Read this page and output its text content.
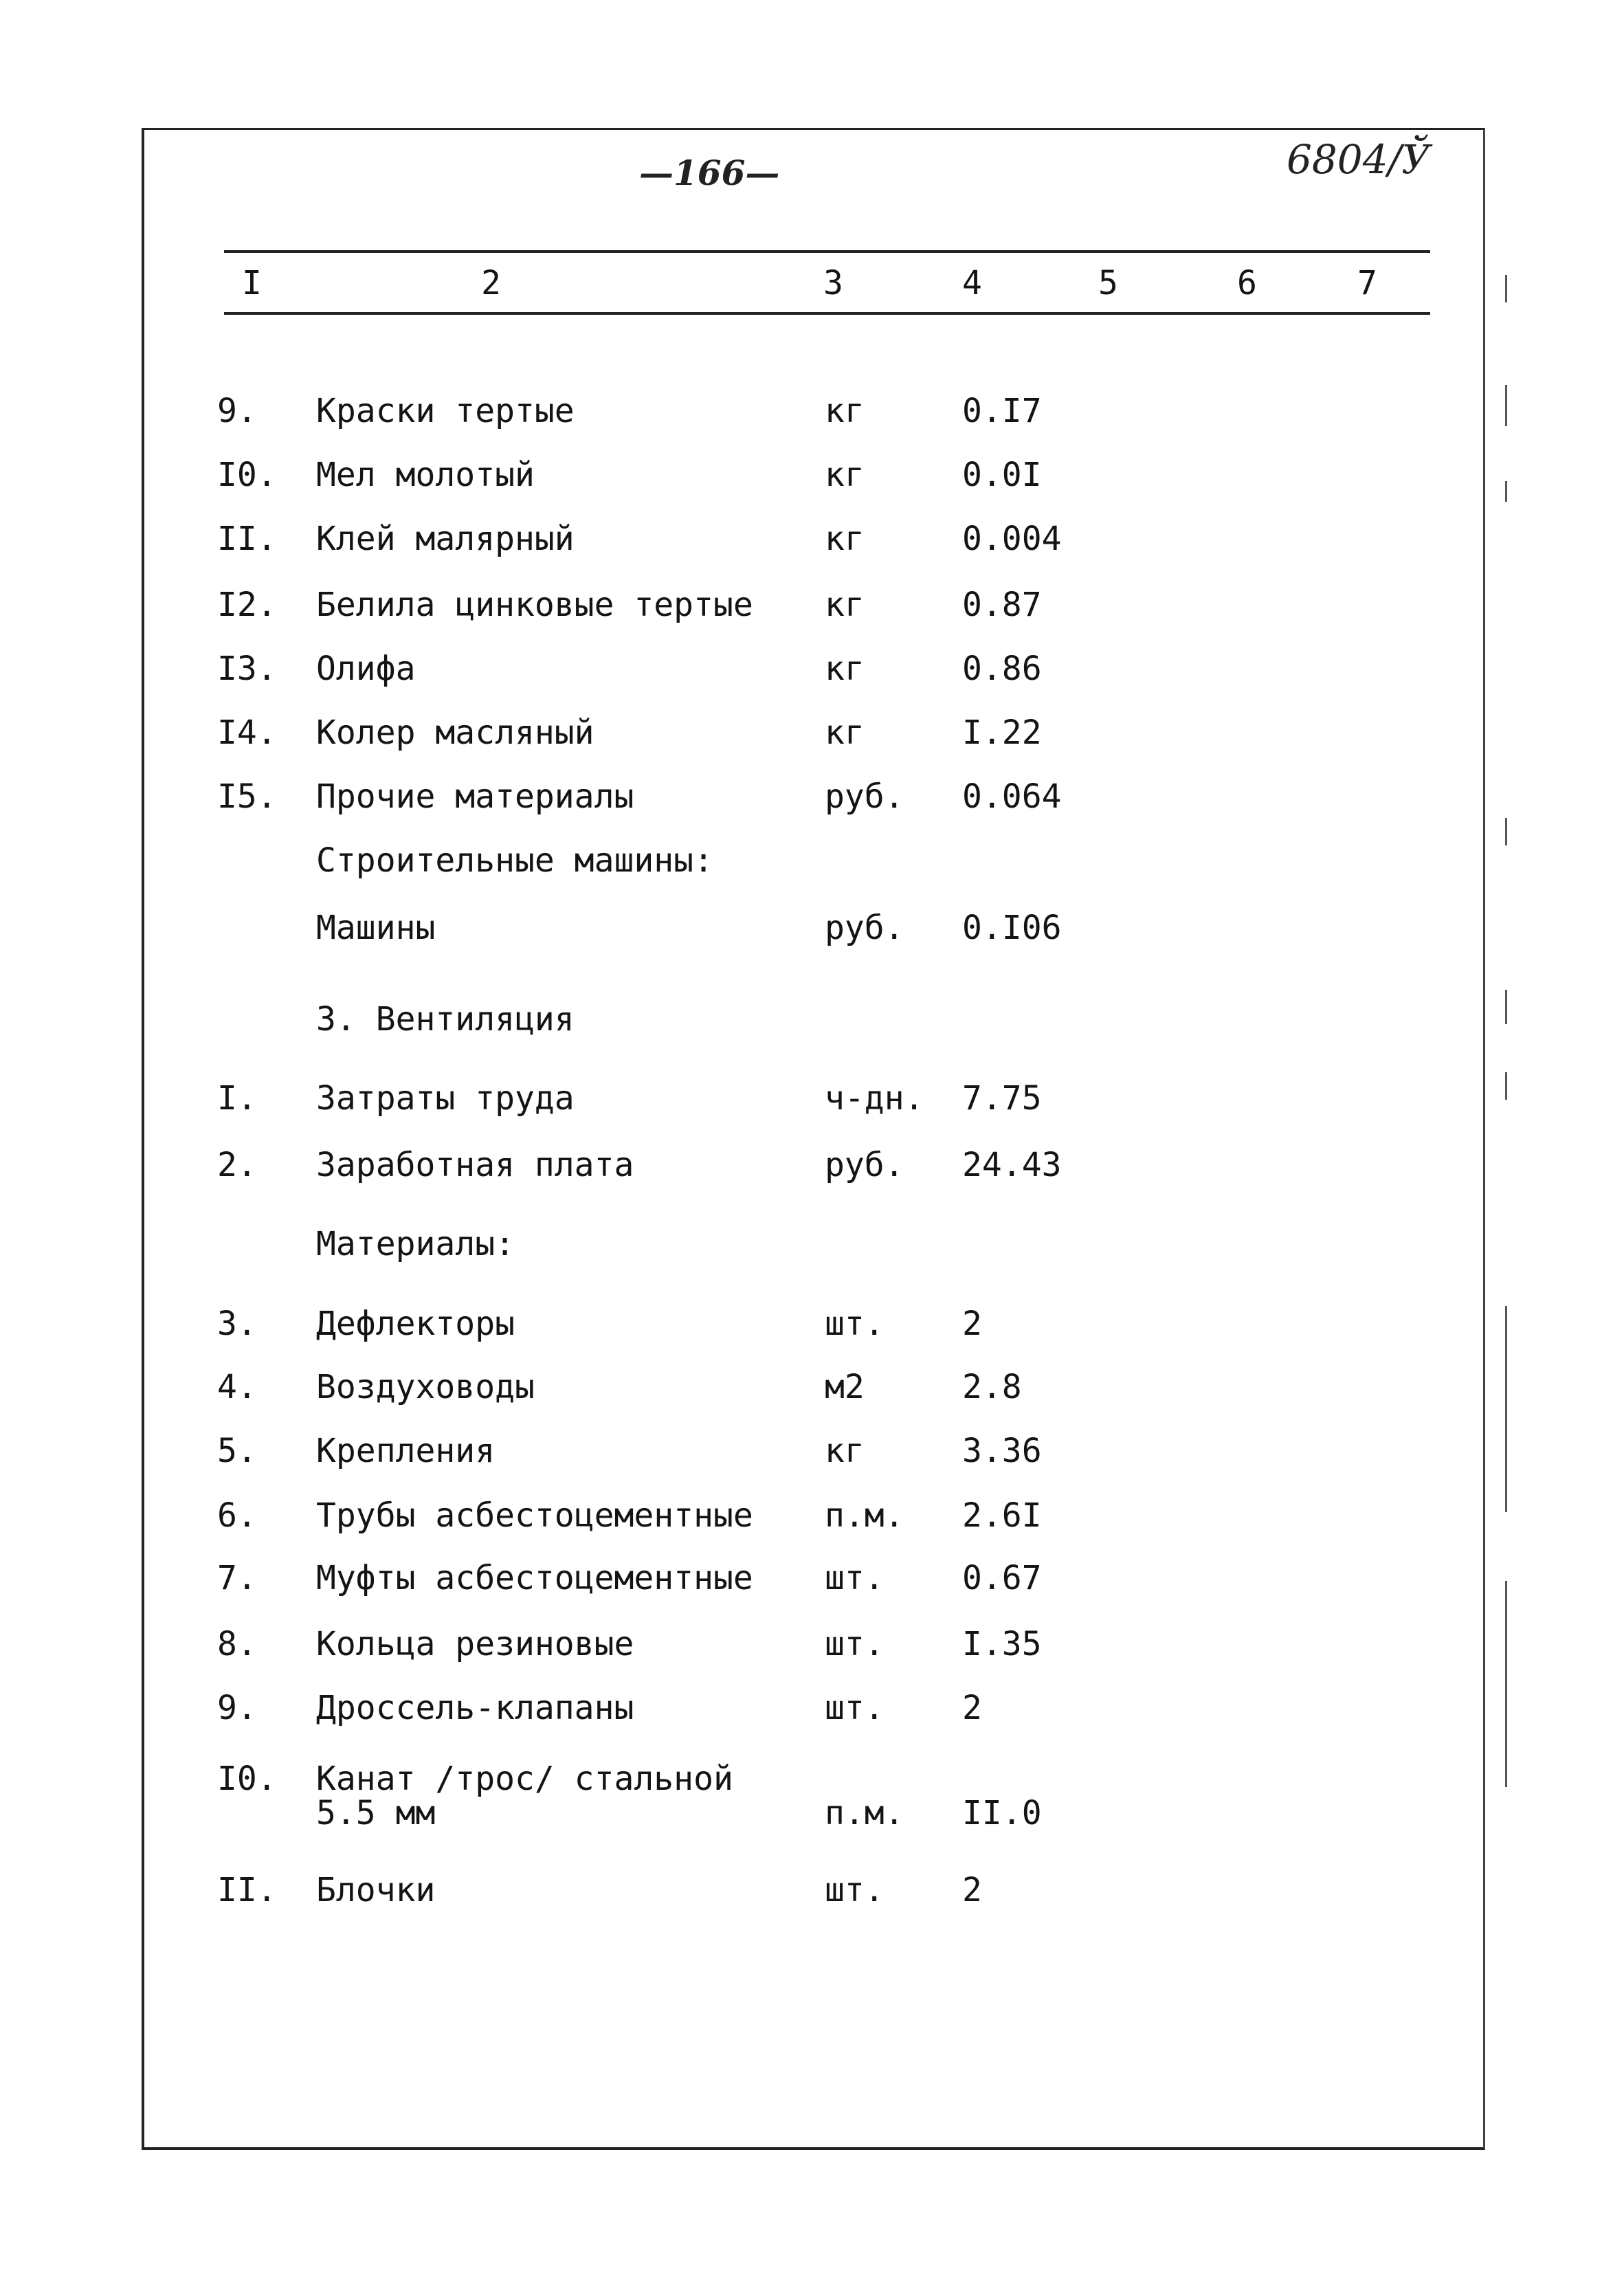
—166—	6804/Ў
I	2	3	4	5	6	7
9. Краски тертые	кг	0.I7
I0. Мел молотый	кг	0.0I
II. Клей малярный	кг	0.004
I2. Белила цинковые тертые кг	0.87
I3. Олифа	кг	0.86
I4. Колер масляный	кг	I.22
I5. Прочие материалы	руб. 0.064
Строительные машины:
Машины	руб. 0.I06
3. Вентиляция
I. Затраты труда	ч-дн. 7.75
2. Заработная плата	руб. 24.43
Материалы:
3. Дефлекторы	шт. 2
4. Воздуховоды	м2	2.8
5. Крепления	кг	3.36
6. Трубы асбестоцементные п.м. 2.6I
7. Муфты асбестоцементные шт. 0.67
8. Кольца резиновые	шт. I.35
9. Дроссель-клапаны	шт. 2
I0. Канат /трос/ стальной
5.5 мм	п.м. II.0
II. Блочки	шт. 2
